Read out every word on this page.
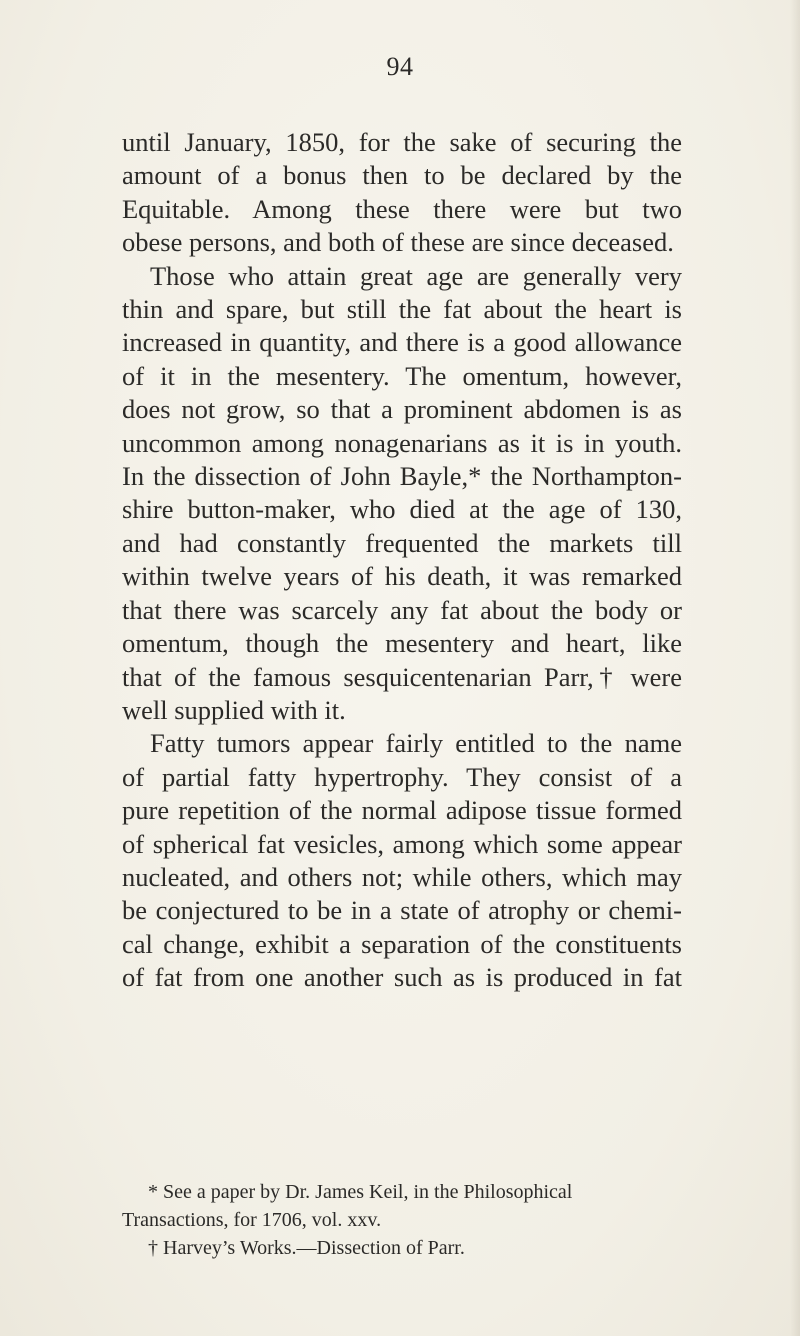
94

until January, 1850, for the sake of securing the
amount of a bonus then to be declared by the
Equitable. Among these there were but two
obese persons, and both of these are since deceased.

Those who attain great age are generally very
thin and spare, but still the fat about the heart is
increased in quantity, and there is a good allowance
of it in the mesentery. The omentum, however,
does not grow, so that a prominent abdomen is as
uncommon among nonagenarians as it is in youth.
In the dissection of John Bayle,* the Northampton-
shire button-maker, who died at the age of 130,
and had constantly frequented the markets till
within twelve years of his death, it was remarked
that there was scarcely any fat about the body or
omentum, though the mesentery and heart, like
that of the famous sesquicentenarian Parr,† were
well supplied with it.

Fatty tumors appear fairly entitled to the name
of partial fatty hypertrophy. They consist of a
pure repetition of the normal adipose tissue formed
of spherical fat vesicles, among which some appear
nucleated, and others not; while others, which may
be conjectured to be in a state of atrophy or chemi-
cal change, exhibit a separation of the constituents
of fat from one another such as is produced in fat

* See a paper by Dr. James Keil, in the Philosophical
Transactions, for 1706, vol. xxv.

† Harvey’s Works.—Dissection of Parr.
